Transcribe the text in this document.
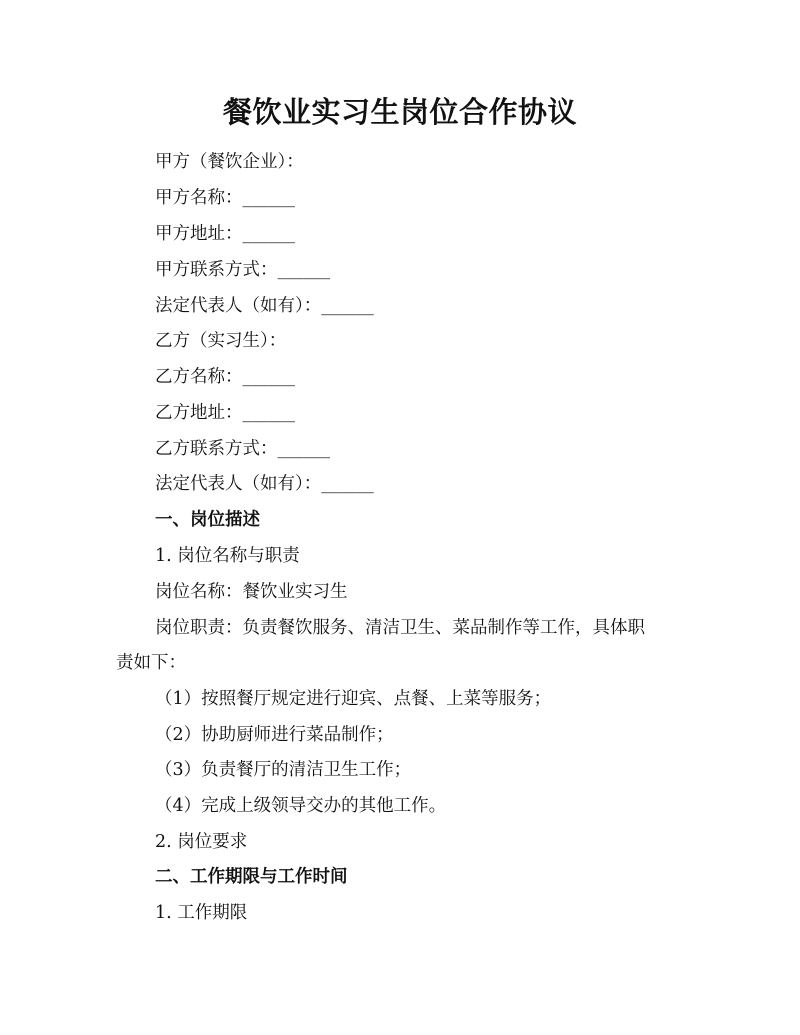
餐饮业实习生岗位合作协议

甲方（餐饮企业）：

甲方名称：______

甲方地址：______

甲方联系方式：______

法定代表人（如有）：______

乙方（实习生）：

乙方名称：______

乙方地址：______

乙方联系方式：______

法定代表人（如有）：______

一、岗位描述

1. 岗位名称与职责

岗位名称：餐饮业实习生

岗位职责：负责餐饮服务、清洁卫生、菜品制作等工作，具体职

责如下：

（1）按照餐厅规定进行迎宾、点餐、上菜等服务；

（2）协助厨师进行菜品制作；

（3）负责餐厅的清洁卫生工作；

（4）完成上级领导交办的其他工作。

2. 岗位要求

二、工作期限与工作时间

1. 工作期限
